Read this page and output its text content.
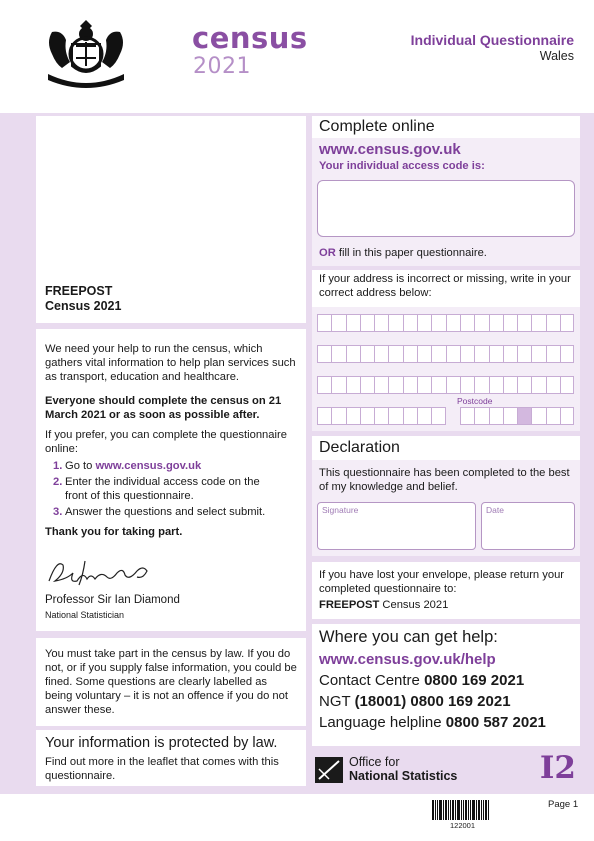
census
2021
Individual Questionnaire
Wales
FREEPOST
Census 2021

We need your help to run the census, which gathers vital information to help plan services such as transport, education and healthcare.

Everyone should complete the census on 21 March 2021 or as soon as possible after.

If you prefer, you can complete the questionnaire online:

1. Go to www.census.gov.uk
2. Enter the individual access code on the front of this questionnaire.
3. Answer the questions and select submit.

Thank you for taking part.

Professor Sir Ian Diamond

National Statistician

You must take part in the census by law. If you do not, or if you supply false information, you could be fined. Some questions are clearly labelled as being voluntary – it is not an offence if you do not answer these.

Your information is protected by law.

Find out more in the leaflet that comes with this questionnaire.

Complete online
www.census.gov.uk
Your individual access code is:
OR fill in this paper questionnaire.

If your address is incorrect or missing, write in your correct address below:

Postcode
Declaration

This questionnaire has been completed to the best of my knowledge and belief.

Signature	Date

If you have lost your envelope, please return your completed questionnaire to:

FREEPOST Census 2021

Where you can get help:
www.census.gov.uk/help
Contact Centre 0800 169 2021
NGT (18001) 0800 169 2021
Language helpline 0800 587 2021
Office for
National Statistics	I2
122001
Page 1
